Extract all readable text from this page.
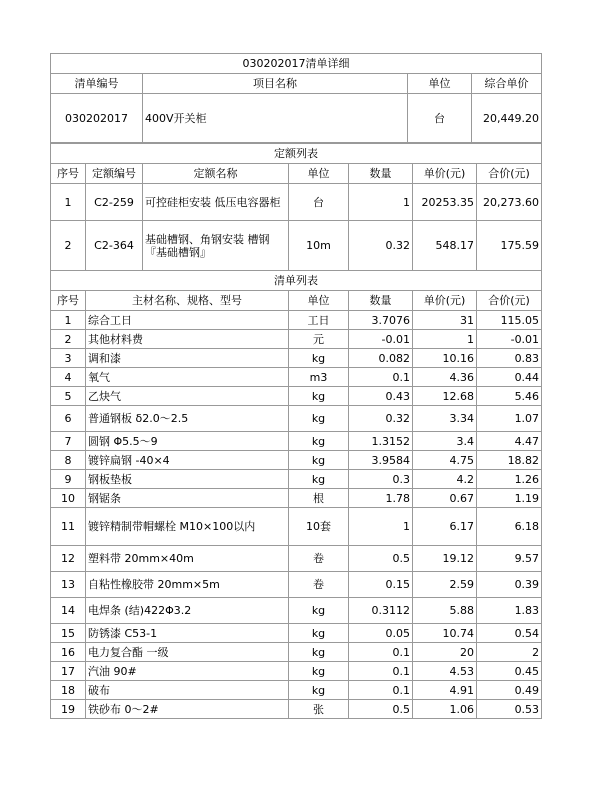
030202017清单详细			
清单编号	项目名称	单位	综合单价
030202017	400V开关柜	台	20,449.20
定额列表						
序号	定额编号	定额名称	单位	数量	单价(元)	合价(元)
1	C2-259	可控硅柜安装 低压电容器柜	台	1	20253.35	20,273.60
2	C2-364	基础槽钢、角钢安装 槽钢『基础槽钢』	10m	0.32	548.17	175.59
清单列表					
序号	主材名称、规格、型号	单位	数量	单价(元)	合价(元)
1	综合工日	工日	3.7076	31	115.05
2	其他材料费	元	-0.01	1	-0.01
3	调和漆	kg	0.082	10.16	0.83
4	氧气	m3	0.1	4.36	0.44
5	乙炔气	kg	0.43	12.68	5.46
6	普通钢板 δ2.0～2.5	kg	0.32	3.34	1.07
7	圆钢 Φ5.5～9	kg	1.3152	3.4	4.47
8	镀锌扁钢 -40×4	kg	3.9584	4.75	18.82
9	钢板垫板	kg	0.3	4.2	1.26
10	钢锯条	根	1.78	0.67	1.19
11	镀锌精制带帽螺栓 M10×100以内	10套	1	6.17	6.18
12	塑料带 20mm×40m	卷	0.5	19.12	9.57
13	自粘性橡胶带 20mm×5m	卷	0.15	2.59	0.39
14	电焊条 (结)422Φ3.2	kg	0.3112	5.88	1.83
15	防锈漆 C53-1	kg	0.05	10.74	0.54
16	电力复合酯 一级	kg	0.1	20	2
17	汽油 90#	kg	0.1	4.53	0.45
18	破布	kg	0.1	4.91	0.49
19	铁砂布 0～2#	张	0.5	1.06	0.53
